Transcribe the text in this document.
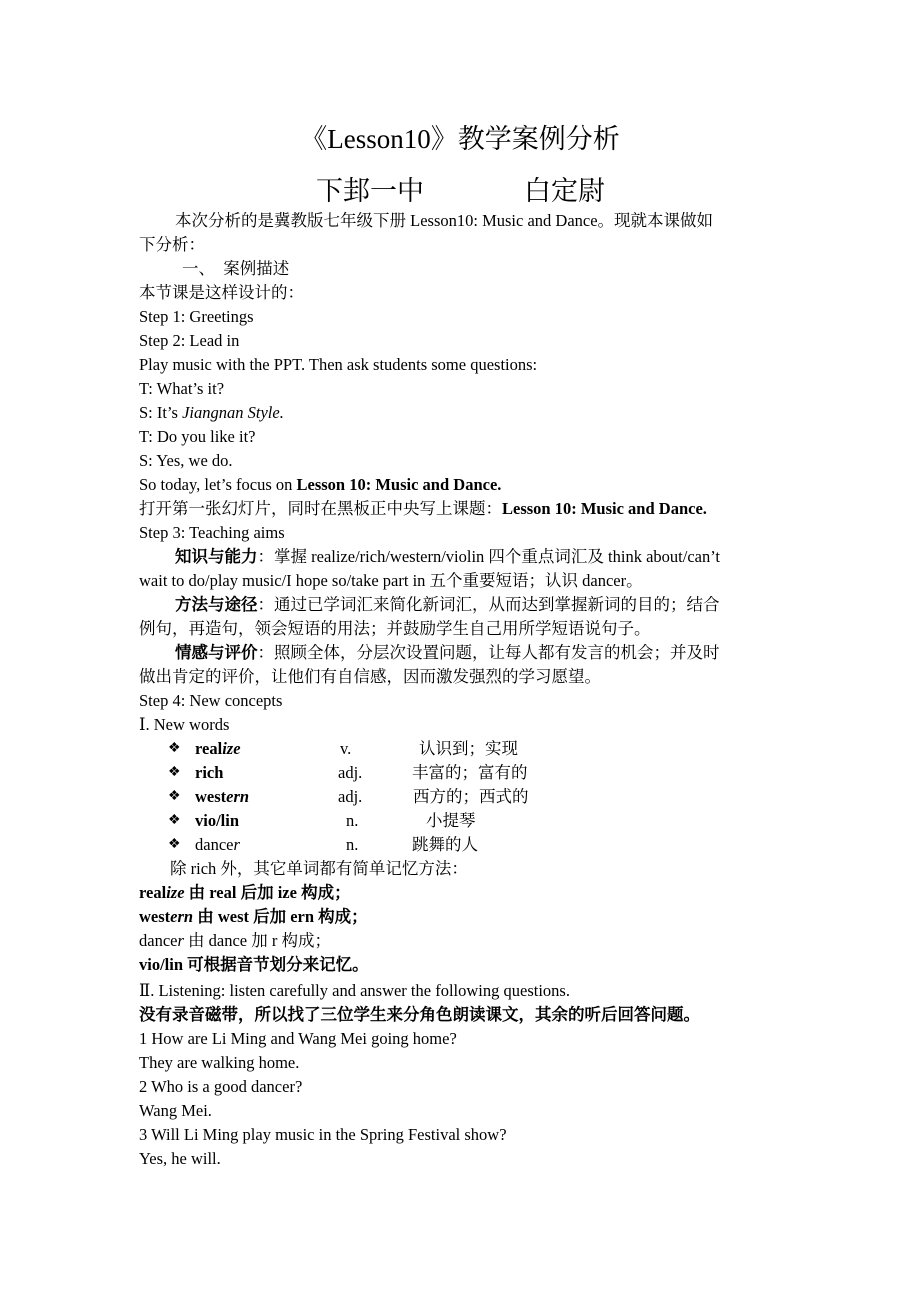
《Lesson10》教学案例分析
下邽一中	白定尉
本次分析的是冀教版七年级下册 Lesson10: Music and Dance。现就本课做如
下分析：
一、　案例描述
本节课是这样设计的：
Step 1: Greetings
Step 2: Lead in
Play music with the PPT. Then ask students some questions:
T: What’s it?
S: It’s Jiangnan Style.
T: Do you like it?
S: Yes, we do.
So today, let’s focus on Lesson 10: Music and Dance.
打开第一张幻灯片，同时在黑板正中央写上课题：Lesson 10: Music and Dance.
Step 3: Teaching aims
知识与能力：掌握 realize/rich/western/violin 四个重点词汇及 think about/can’t
wait to do/play music/I hope so/take part in 五个重要短语；认识 dancer。
方法与途径：通过已学词汇来简化新词汇，从而达到掌握新词的目的；结合
例句，再造句，领会短语的用法；并鼓励学生自己用所学短语说句子。
情感与评价：照顾全体，分层次设置问题，让每人都有发言的机会；并及时
做出肯定的评价，让他们有自信感，因而激发强烈的学习愿望。
Step 4: New concepts
Ⅰ. New words
❖ realize	v.	认识到；实现
❖ rich	adj.	丰富的；富有的
❖ western	adj.	西方的；西式的
❖ vio/lin	n.	小提琴
❖ dancer	n.	跳舞的人
除 rich 外，其它单词都有简单记忆方法：
realize 由 real 后加 ize 构成；
western 由 west 后加 ern 构成；
dancer 由 dance 加 r 构成；
vio/lin 可根据音节划分来记忆。
Ⅱ. Listening: listen carefully and answer the following questions.
没有录音磁带，所以找了三位学生来分角色朗读课文，其余的听后回答问题。
1 How are Li Ming and Wang Mei going home?
They are walking home.
2 Who is a good dancer?
Wang Mei.
3 Will Li Ming play music in the Spring Festival show?
Yes, he will.
